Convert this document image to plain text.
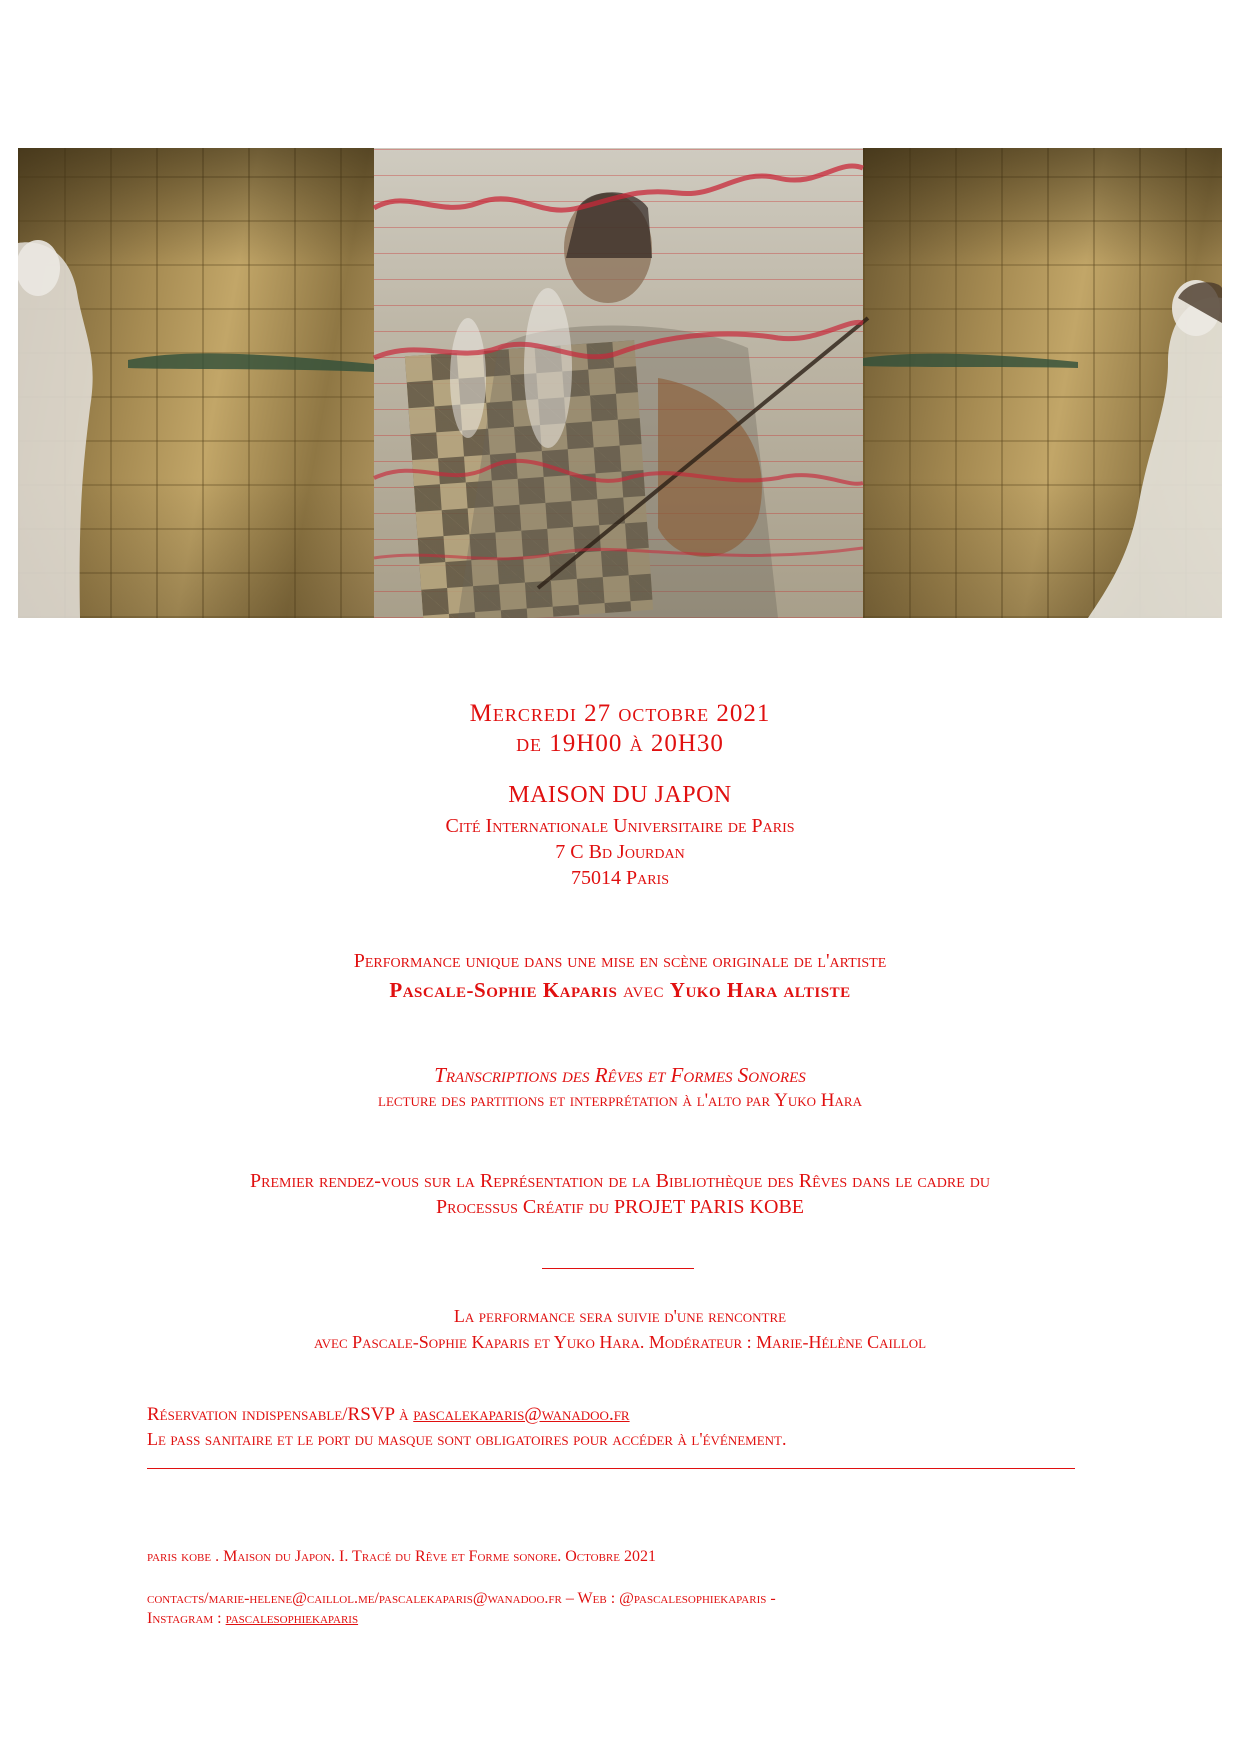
Mercredi 27 octobre 2021
de 19H00 à 20H30
MAISON DU JAPON
Cité Internationale Universitaire de Paris
7 C Bd Jourdan
75014 Paris
Performance unique dans une mise en scène originale de l'artiste
Pascale-Sophie Kaparis avec Yuko Hara altiste
Transcriptions des Rêves et Formes Sonores
lecture des partitions et interprétation à l'alto par Yuko Hara
Premier rendez-vous sur la Représentation de la Bibliothèque des Rêves dans le cadre du
Processus Créatif du PROJET PARIS KOBE
La performance sera suivie d'une rencontre
avec Pascale-Sophie Kaparis et Yuko Hara. Modérateur : Marie-Hélène Caillol
Réservation indispensable/RSVP à pascalekaparis@wanadoo.fr
Le pass sanitaire et le port du masque sont obligatoires pour accéder à l'événement.
paris kobe . Maison du Japon. I. Tracé du Rêve et Forme sonore. Octobre 2021
contacts/marie-helene@caillol.me/pascalekaparis@wanadoo.fr – Web : @pascalesophiekaparis -
Instagram : pascalesophiekaparis
